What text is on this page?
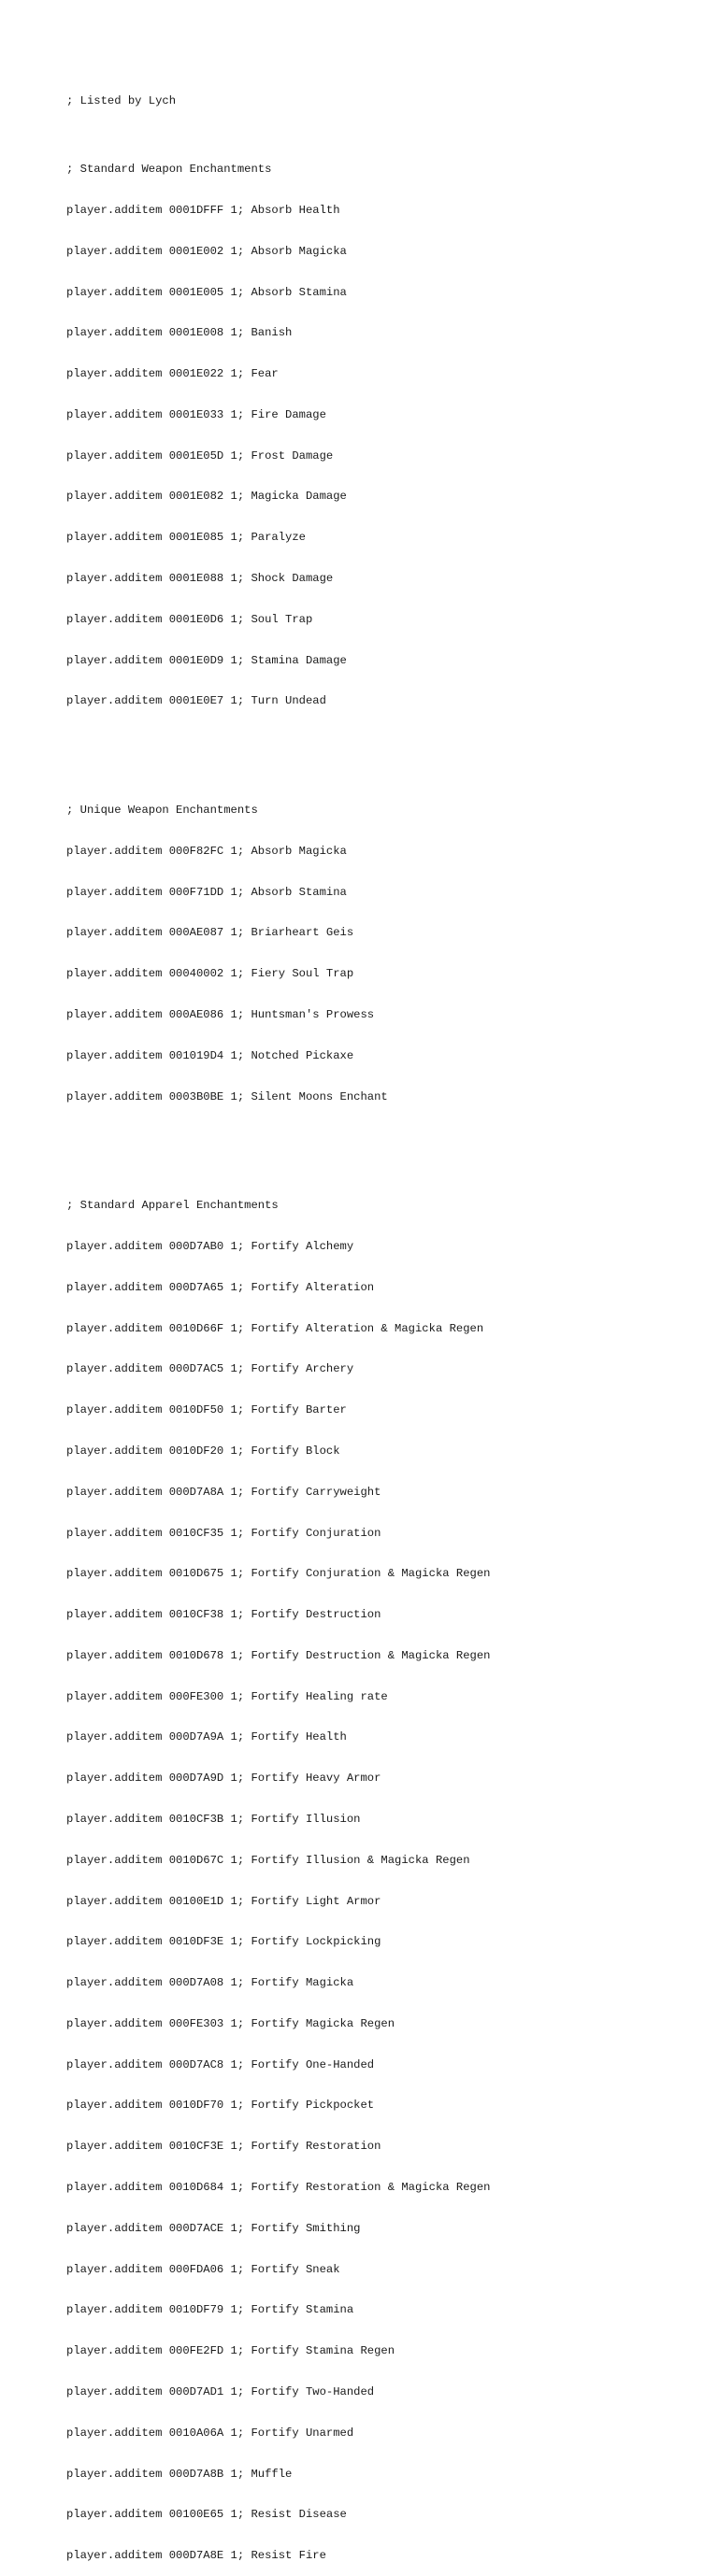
; Listed by Lych

; Standard Weapon Enchantments

player.additem 0001DFFF 1; Absorb Health

player.additem 0001E002 1; Absorb Magicka

player.additem 0001E005 1; Absorb Stamina

player.additem 0001E008 1; Banish

player.additem 0001E022 1; Fear

player.additem 0001E033 1; Fire Damage

player.additem 0001E05D 1; Frost Damage

player.additem 0001E082 1; Magicka Damage

player.additem 0001E085 1; Paralyze

player.additem 0001E088 1; Shock Damage

player.additem 0001E0D6 1; Soul Trap

player.additem 0001E0D9 1; Stamina Damage

player.additem 0001E0E7 1; Turn Undead

; Unique Weapon Enchantments

player.additem 000F82FC 1; Absorb Magicka

player.additem 000F71DD 1; Absorb Stamina

player.additem 000AE087 1; Briarheart Geis

player.additem 00040002 1; Fiery Soul Trap

player.additem 000AE086 1; Huntsman's Prowess

player.additem 001019D4 1; Notched Pickaxe

player.additem 0003B0BE 1; Silent Moons Enchant

; Standard Apparel Enchantments

player.additem 000D7AB0 1; Fortify Alchemy

player.additem 000D7A65 1; Fortify Alteration

player.additem 0010D66F 1; Fortify Alteration & Magicka Regen

player.additem 000D7AC5 1; Fortify Archery

player.additem 0010DF50 1; Fortify Barter

player.additem 0010DF20 1; Fortify Block

player.additem 000D7A8A 1; Fortify Carryweight

player.additem 0010CF35 1; Fortify Conjuration

player.additem 0010D675 1; Fortify Conjuration & Magicka Regen

player.additem 0010CF38 1; Fortify Destruction

player.additem 0010D678 1; Fortify Destruction & Magicka Regen

player.additem 000FE300 1; Fortify Healing rate

player.additem 000D7A9A 1; Fortify Health

player.additem 000D7A9D 1; Fortify Heavy Armor

player.additem 0010CF3B 1; Fortify Illusion

player.additem 0010D67C 1; Fortify Illusion & Magicka Regen

player.additem 00100E1D 1; Fortify Light Armor

player.additem 0010DF3E 1; Fortify Lockpicking

player.additem 000D7A08 1; Fortify Magicka

player.additem 000FE303 1; Fortify Magicka Regen

player.additem 000D7AC8 1; Fortify One-Handed

player.additem 0010DF70 1; Fortify Pickpocket

player.additem 0010CF3E 1; Fortify Restoration

player.additem 0010D684 1; Fortify Restoration & Magicka Regen

player.additem 000D7ACE 1; Fortify Smithing

player.additem 000FDA06 1; Fortify Sneak

player.additem 0010DF79 1; Fortify Stamina

player.additem 000FE2FD 1; Fortify Stamina Regen

player.additem 000D7AD1 1; Fortify Two-Handed

player.additem 0010A06A 1; Fortify Unarmed

player.additem 000D7A8B 1; Muffle

player.additem 00100E65 1; Resist Disease

player.additem 000D7A8E 1; Resist Fire
